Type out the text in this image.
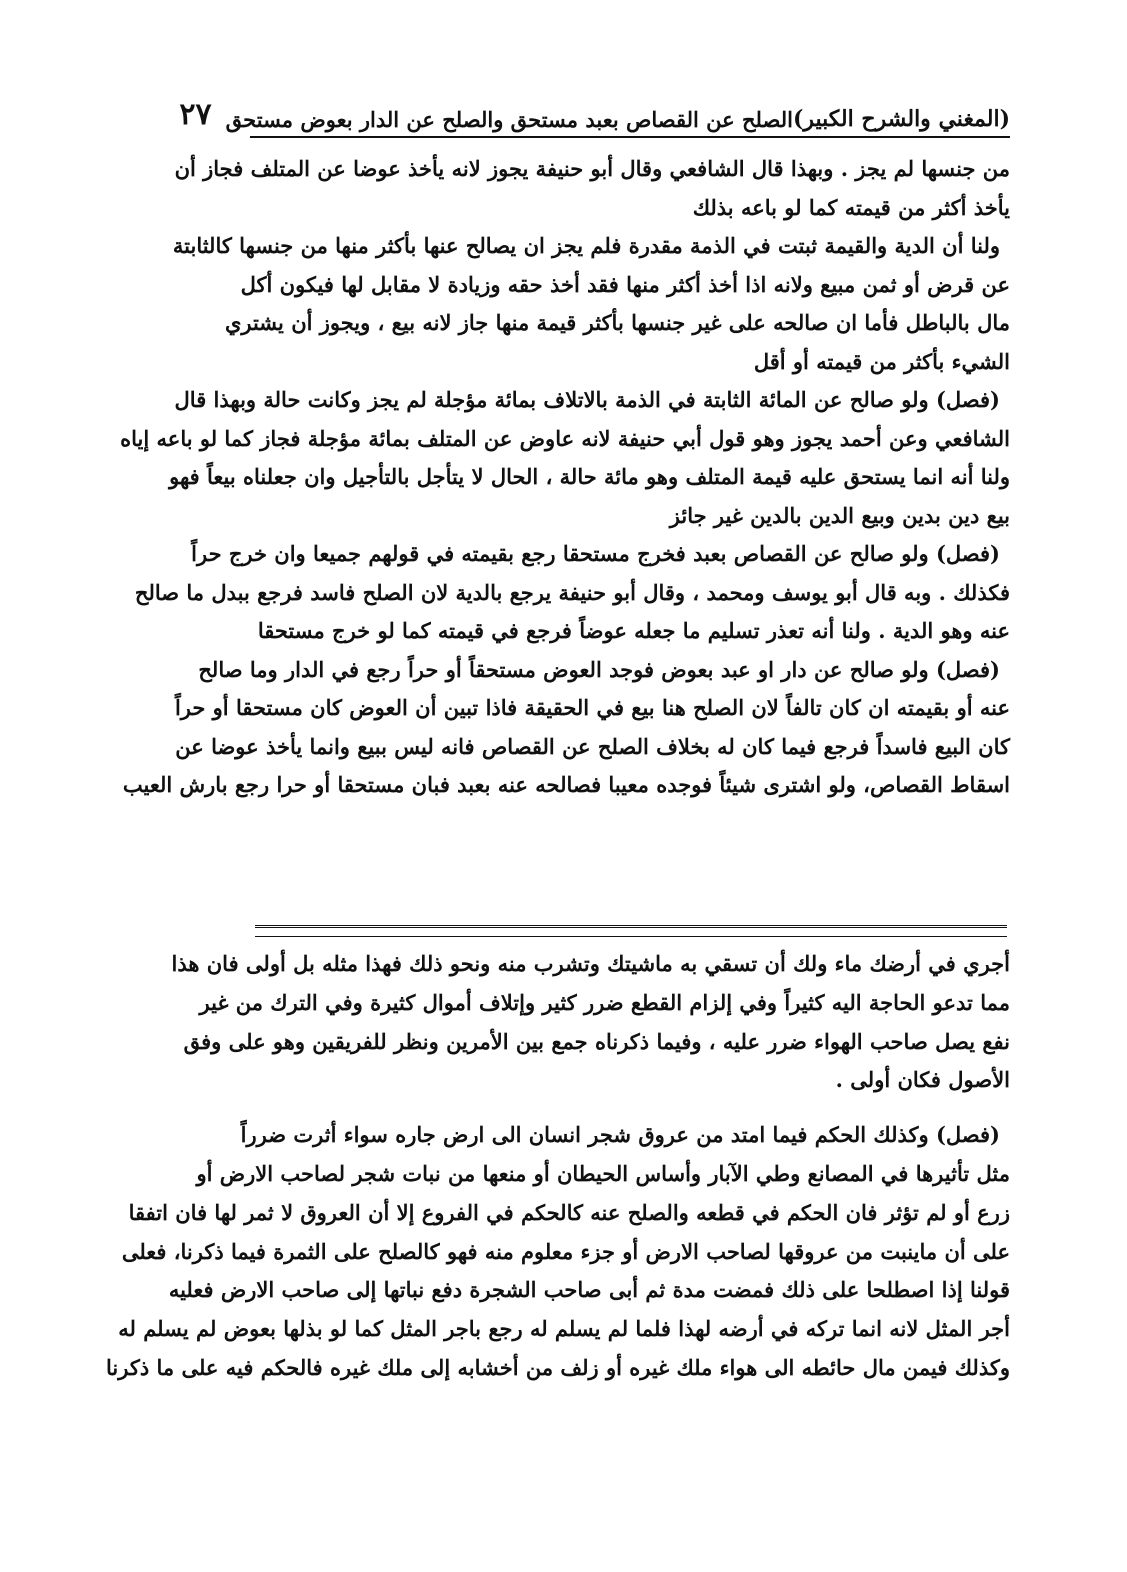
(المغني والشرح الكبير)
الصلح عن القصاص بعبد مستحق والصلح عن الدار بعوض مستحق
٢٧
من جنسها لم يجز . وبهذا قال الشافعي وقال أبو حنيفة يجوز لانه يأخذ عوضا عن المتلف فجاز أن
يأخذ أكثر من قيمته كما لو باعه بذلك
ولنا أن الدية والقيمة ثبتت في الذمة مقدرة فلم يجز ان يصالح عنها بأكثر منها من جنسها كالثابتة
عن قرض أو ثمن مبيع ولانه اذا أخذ أكثر منها فقد أخذ حقه وزيادة لا مقابل لها فيكون أكل
مال بالباطل فأما ان صالحه على غير جنسها بأكثر قيمة منها جاز لانه بيع ، ويجوز أن يشتري
الشيء بأكثر من قيمته أو أقل
(فصل) ولو صالح عن المائة الثابتة في الذمة بالاتلاف بمائة مؤجلة لم يجز وكانت حالة وبهذا قال
الشافعي وعن أحمد يجوز وهو قول أبي حنيفة لانه عاوض عن المتلف بمائة مؤجلة فجاز كما لو باعه إياه
ولنا أنه انما يستحق عليه قيمة المتلف وهو مائة حالة ، الحال لا يتأجل بالتأجيل وان جعلناه بيعاً فهو
بيع دين بدين وبيع الدين بالدين غير جائز
(فصل) ولو صالح عن القصاص بعبد فخرج مستحقا رجع بقيمته في قولهم جميعا وان خرج حراً
فكذلك . وبه قال أبو يوسف ومحمد ، وقال أبو حنيفة يرجع بالدية لان الصلح فاسد فرجع ببدل ما صالح
عنه وهو الدية . ولنا أنه تعذر تسليم ما جعله عوضاً فرجع في قيمته كما لو خرج مستحقا
(فصل) ولو صالح عن دار او عبد بعوض فوجد العوض مستحقاً أو حراً رجع في الدار وما صالح
عنه أو بقيمته ان كان تالفاً لان الصلح هنا بيع في الحقيقة فاذا تبين أن العوض كان مستحقا أو حراً
كان البيع فاسداً فرجع فيما كان له بخلاف الصلح عن القصاص فانه ليس ببيع وانما يأخذ عوضا عن
اسقاط القصاص، ولو اشترى شيئاً فوجده معيبا فصالحه عنه بعبد فبان مستحقا أو حرا رجع بارش العيب
أجري في أرضك ماء ولك أن تسقي به ماشيتك وتشرب منه ونحو ذلك فهذا مثله بل أولى فان هذا
مما تدعو الحاجة اليه كثيراً وفي إلزام القطع ضرر كثير وإتلاف أموال كثيرة وفي الترك من غير
نفع يصل صاحب الهواء ضرر عليه ، وفيما ذكرناه جمع بين الأمرين ونظر للفريقين وهو على وفق
الأصول فكان أولى .
(فصل) وكذلك الحكم فيما امتد من عروق شجر انسان الى ارض جاره سواء أثرت ضرراً
مثل تأثيرها في المصانع وطي الآبار وأساس الحيطان أو منعها من نبات شجر لصاحب الارض أو
زرع أو لم تؤثر فان الحكم في قطعه والصلح عنه كالحكم في الفروع إلا أن العروق لا ثمر لها فان اتفقا
على أن ماينبت من عروقها لصاحب الارض أو جزء معلوم منه فهو كالصلح على الثمرة فيما ذكرنا، فعلى
قولنا إذا اصطلحا على ذلك فمضت مدة ثم أبى صاحب الشجرة دفع نباتها إلى صاحب الارض فعليه
أجر المثل لانه انما تركه في أرضه لهذا فلما لم يسلم له رجع باجر المثل كما لو بذلها بعوض لم يسلم له
وكذلك فيمن مال حائطه الى هواء ملك غيره أو زلف من أخشابه إلى ملك غيره فالحكم فيه على ما ذكرنا
